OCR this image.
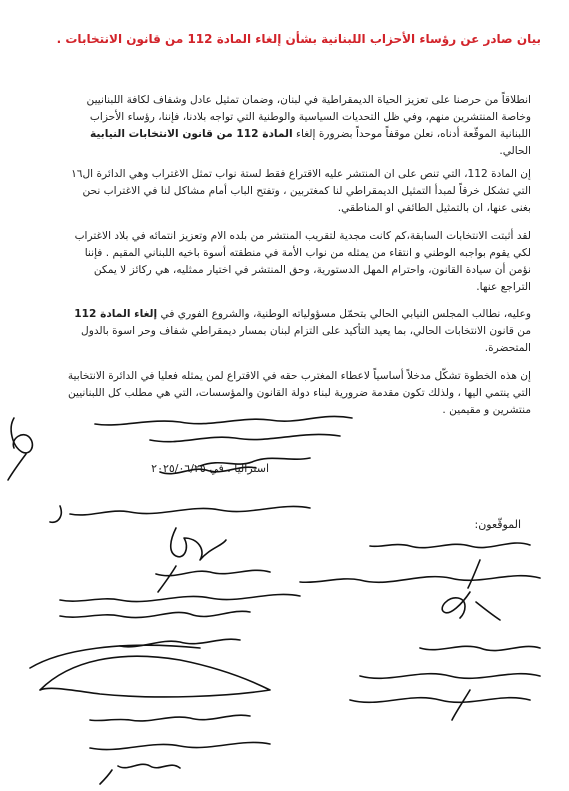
بيان صادر عن رؤساء الأحزاب اللبنانية بشأن إلغاء المادة 112 من قانون الانتخابات .

انطلاقاً من حرصنا على تعزيز الحياة الديمقراطية في لبنان، وضمان تمثيل عادل وشفاف لكافة اللبنانيين وخاصة المنتشرين منهم، وفي ظل التحديات السياسية والوطنية التي تواجه بلادنا، فإننا، رؤساء الأحزاب اللبنانية الموقّعة أدناه، نعلن موقفاً موحداً بضرورة إلغاء المادة 112 من قانون الانتخابات النيابية الحالي.

إن المادة 112، التي تنص على ان المنتشر عليه الاقتراع فقط لستة نواب تمثل الاغتراب وهي الدائرة ال١٦ التي تشكل خرقاً لمبدأ التمثيل الديمقراطي لنا كمغتربين ، وتفتح الباب أمام مشاكل لنا في الاغتراب نحن بغنى عنها، ان بالتمثيل الطائفي او المناطقي.

لقد أثبتت الانتخابات السابقة،كم كانت مجدية لتقريب المنتشر من بلده الام وتعزيز انتمائه في بلاد الاغتراب لكي يقوم بواجبه الوطني و انتقاء من يمثله من نواب الأمة في منطقته أسوة باخيه اللبناني المقيم . فإننا نؤمن أن سيادة القانون، واحترام المهل الدستورية، وحق المنتشر في اختيار ممثليه، هي ركائز لا يمكن التراجع عنها.

وعليه، نطالب المجلس النيابي الحالي بتحمّل مسؤولياته الوطنية، والشروع الفوري في إلغاء المادة 112 من قانون الانتخابات الحالي، بما يعيد التأكيد على التزام لبنان بمسار ديمقراطي شفاف وحر اسوة بالدول المتحضرة.

إن هذه الخطوة تشكّل مدخلاً أساسياً لاعطاء المغترب حقه في الاقتراع لمن يمثله فعليا في الدائرة الانتخابية التي ينتمي اليها ، ولذلك تكون مقدمة ضرورية لبناء دولة القانون والمؤسسات، التي هي مطلب كل اللبنانيين منتشرين و مقيمين .

استراليا . في ٢٠٢٥/٠٦/٢٥
الموقّعون:
